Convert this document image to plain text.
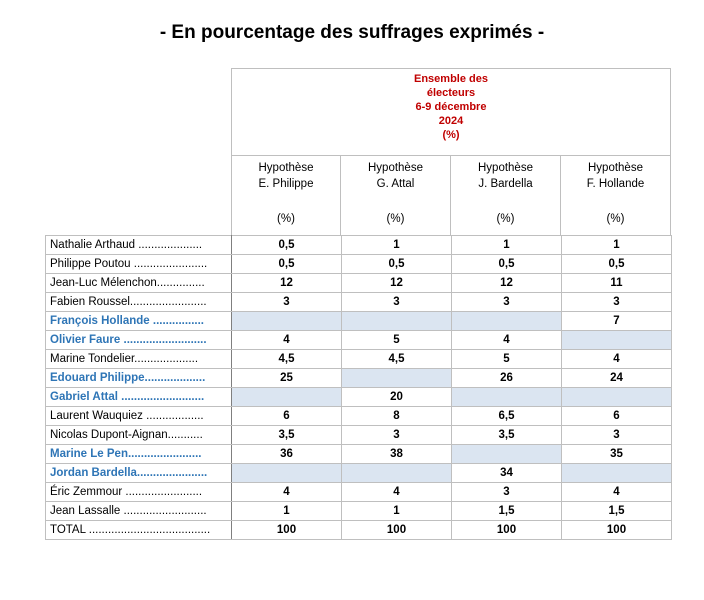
- En pourcentage des suffrages exprimés -
Ensemble des
électeurs
6-9 décembre
2024
(%)
Hypothèse
E. Philippe
(%)
Hypothèse
G. Attal
(%)
Hypothèse
J. Bardella
(%)
Hypothèse
F. Hollande
(%)
Nathalie Arthaud ....................	0,5	1	1	1
Philippe Poutou .......................	0,5	0,5	0,5	0,5
Jean-Luc Mélenchon...............	12	12	12	11
Fabien Roussel........................	3	3	3	3
François Hollande ................				7
Olivier Faure ..........................	4	5	4	
Marine Tondelier....................	4,5	4,5	5	4
Edouard Philippe...................	25		26	24
Gabriel Attal ..........................		20		
Laurent Wauquiez ..................	6	8	6,5	6
Nicolas Dupont-Aignan...........	3,5	3	3,5	3
Marine Le Pen.......................	36	38		35
Jordan Bardella......................			34	
Éric Zemmour ........................	4	4	3	4
Jean Lassalle ..........................	1	1	1,5	1,5
TOTAL ......................................	100	100	100	100
